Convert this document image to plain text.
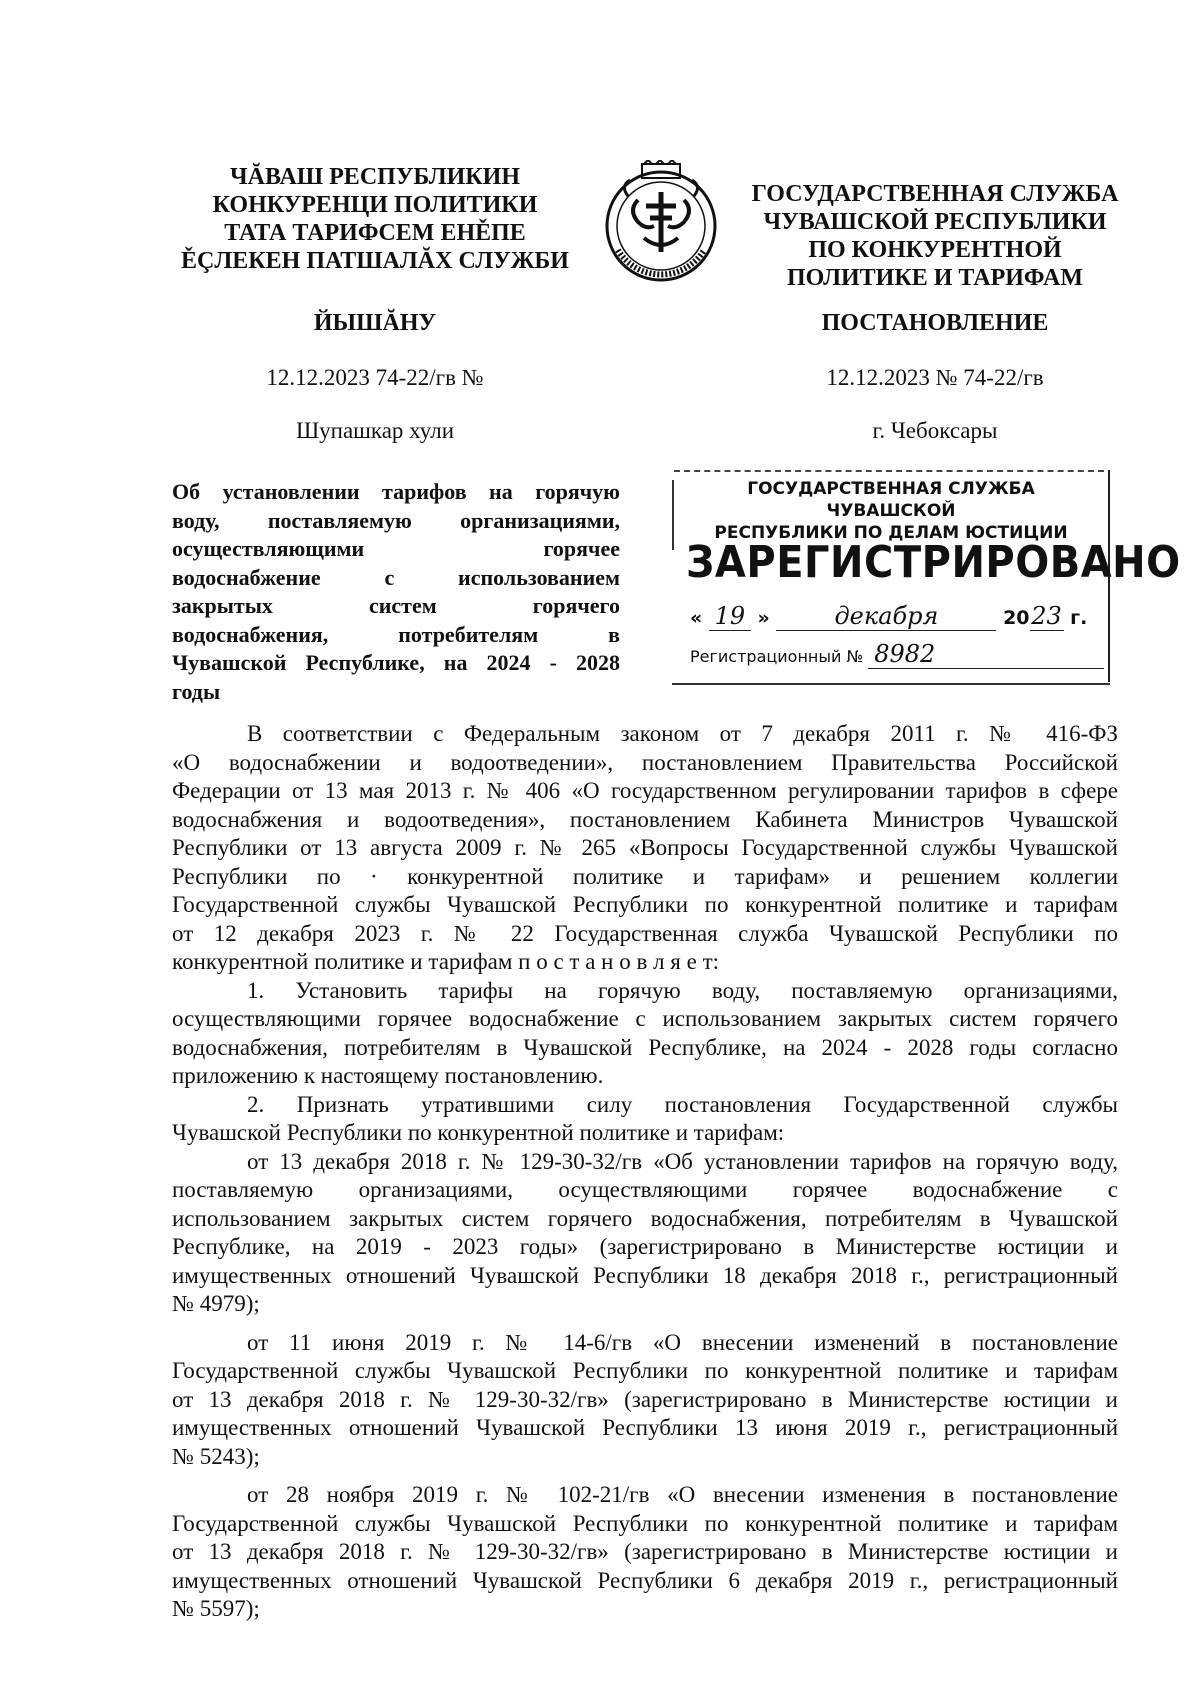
ЧĂВАШ РЕСПУБЛИКИН
КОНКУРЕНЦИ ПОЛИТИКИ
ТАТА ТАРИФСЕМ ЕНĚПЕ
ĚÇЛЕКЕН ПАТШАЛĂХ СЛУЖБИ
ГОСУДАРСТВЕННАЯ СЛУЖБА
ЧУВАШСКОЙ РЕСПУБЛИКИ
ПО КОНКУРЕНТНОЙ
ПОЛИТИКЕ И ТАРИФАМ
ЙЫШĂНУ	ПОСТАНОВЛЕНИЕ
12.12.2023 74-22/гв №	12.12.2023 № 74-22/гв
Шупашкар хули	г. Чебоксары
Об установлении тарифов на горячую
воду, поставляемую организациями,
осуществляющими горячее
водоснабжение с использованием
закрытых систем горячего
водоснабжения, потребителям в
Чувашской Республике, на 2024 - 2028
годы
ГОСУДАРСТВЕННАЯ СЛУЖБА ЧУВАШСКОЙ
РЕСПУБЛИКИ ПО ДЕЛАМ ЮСТИЦИИ
ЗАРЕГИСТРИРОВАНО
« 19 »	декабря	2023 г.
Регистрационный № 8982
В соответствии с Федеральным законом от 7 декабря 2011 г. № 416-ФЗ
«О водоснабжении и водоотведении», постановлением Правительства Российской
Федерации от 13 мая 2013 г. № 406 «О государственном регулировании тарифов в сфере
водоснабжения и водоотведения», постановлением Кабинета Министров Чувашской
Республики от 13 августа 2009 г. № 265 «Вопросы Государственной службы Чувашской
Республики по · конкурентной политике и тарифам» и решением коллегии
Государственной службы Чувашской Республики по конкурентной политике и тарифам
от 12 декабря 2023 г. № 22 Государственная служба Чувашской Республики по
конкурентной политике и тарифам п о с т а н о в л я е т:
1. Установить тарифы на горячую воду, поставляемую организациями,
осуществляющими горячее водоснабжение с использованием закрытых систем горячего
водоснабжения, потребителям в Чувашской Республике, на 2024 - 2028 годы согласно
приложению к настоящему постановлению.
2. Признать утратившими силу постановления Государственной службы
Чувашской Республики по конкурентной политике и тарифам:
от 13 декабря 2018 г. № 129-30-32/гв «Об установлении тарифов на горячую воду,
поставляемую организациями, осуществляющими горячее водоснабжение с
использованием закрытых систем горячего водоснабжения, потребителям в Чувашской
Республике, на 2019 - 2023 годы» (зарегистрировано в Министерстве юстиции и
имущественных отношений Чувашской Республики 18 декабря 2018 г., регистрационный
№ 4979);
от 11 июня 2019 г. № 14-6/гв «О внесении изменений в постановление
Государственной службы Чувашской Республики по конкурентной политике и тарифам
от 13 декабря 2018 г. № 129-30-32/гв» (зарегистрировано в Министерстве юстиции и
имущественных отношений Чувашской Республики 13 июня 2019 г., регистрационный
№ 5243);
от 28 ноября 2019 г. № 102-21/гв «О внесении изменения в постановление
Государственной службы Чувашской Республики по конкурентной политике и тарифам
от 13 декабря 2018 г. № 129-30-32/гв» (зарегистрировано в Министерстве юстиции и
имущественных отношений Чувашской Республики 6 декабря 2019 г., регистрационный
№ 5597);
